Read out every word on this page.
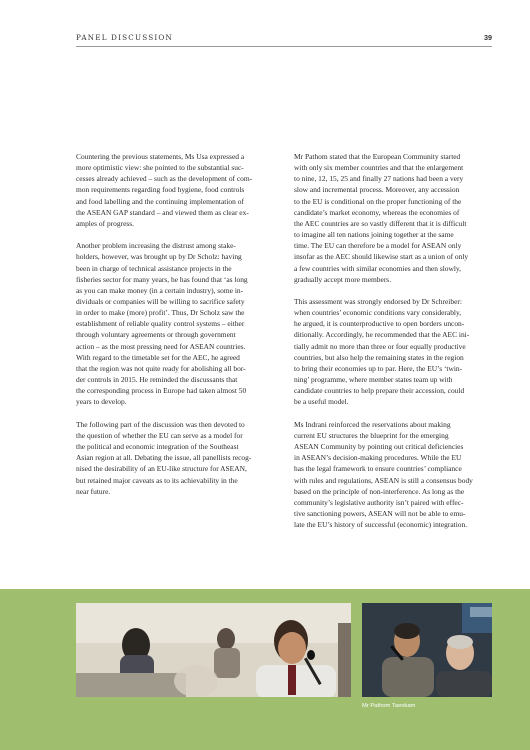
PANEL DISCUSSION	39

Countering the previous statements, Ms Usa expressed a
more optimistic view: she pointed to the substantial suc-
cesses already achieved – such as the development of com-
mon requirements regarding food hygiene, food controls
and food labelling and the continuing implementation of
the ASEAN GAP standard – and viewed them as clear ex-
amples of progress.

Another problem increasing the distrust among stake-
holders, however, was brought up by Dr Scholz: having
been in charge of technical assistance projects in the
fisheries sector for many years, he has found that ‘as long
as you can make money (in a certain industry), some in-
dividuals or companies will be willing to sacrifice safety
in order to make (more) profit’. Thus, Dr Scholz saw the
establishment of reliable quality control systems – either
through voluntary agreements or through government
action – as the most pressing need for ASEAN countries.
With regard to the timetable set for the AEC, he agreed
that the region was not quite ready for abolishing all bor-
der controls in 2015. He reminded the discussants that
the corresponding process in Europe had taken almost 50
years to develop.

The following part of the discussion was then devoted to
the question of whether the EU can serve as a model for
the political and economic integration of the Southeast
Asian region at all. Debating the issue, all panellists recog-
nised the desirability of an EU-like structure for ASEAN,
but retained major caveats as to its achievability in the
near future.

Mr Pathom stated that the European Community started
with only six member countries and that the enlargement
to nine, 12, 15, 25 and finally 27 nations had been a very
slow and incremental process. Moreover, any accession
to the EU is conditional on the proper functioning of the
candidate’s market economy, whereas the economies of
the AEC countries are so vastly different that it is difficult
to imagine all ten nations joining together at the same
time. The EU can therefore be a model for ASEAN only
insofar as the AEC should likewise start as a union of only
a few countries with similar economies and then slowly,
gradually accept more members.

This assessment was strongly endorsed by Dr Schreiber:
when countries’ economic conditions vary considerably,
he argued, it is counterproductive to open borders uncon-
ditionally. Accordingly, he recommended that the AEC ini-
tially admit no more than three or four equally productive
countries, but also help the remaining states in the region
to bring their economies up to par. Here, the EU’s ‘twin-
ning’ programme, where member states team up with
candidate countries to help prepare their accession, could
be a useful model.

Ms Indrani reinforced the reservations about making
current EU structures the blueprint for the emerging
ASEAN Community by pointing out critical deficiencies
in ASEAN’s decision-making procedures. While the EU
has the legal framework to ensure countries’ compliance
with rules and regulations, ASEAN is still a consensus body
based on the principle of non-interference. As long as the
community’s legislative authority isn’t paired with effec-
tive sanctioning powers, ASEAN will not be able to emu-
late the EU’s history of successful (economic) integration.

Mr Pathom Taenkam
